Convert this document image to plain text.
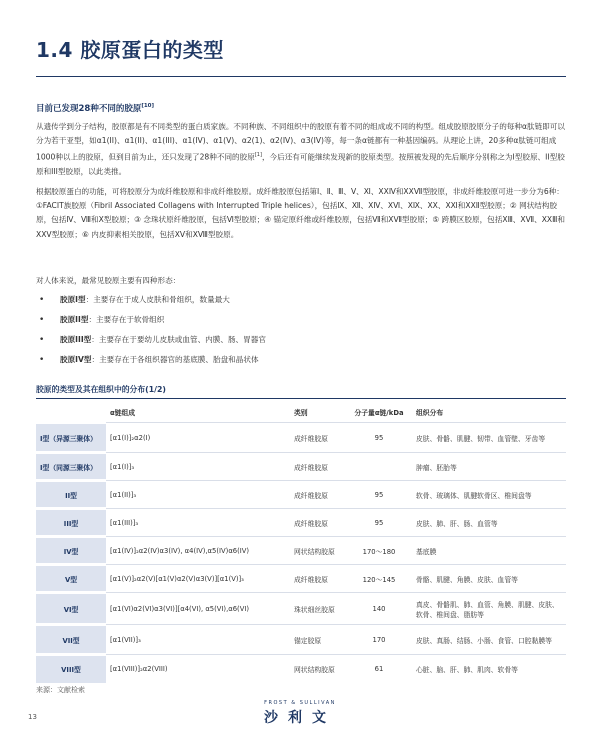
1.4 胶原蛋白的类型
目前已发现28种不同的胶原[10]
从遗传学到分子结构，胶原都是有不同类型的蛋白质家族。不同种族、不同组织中的胶原有着不同的组成或不同的构型。组成胶原胶原分子的每种α肽链即可以分为若干亚型，如α1(II)、α1(II)、α1(III)、α1(IV)、α1(V)、α2(1)、α2(IV)、α3(IV)等，每一条α链都有一种基因编码。从理论上讲，20多种α肽链可组成1000种以上的胶原，但到目前为止，还只发现了28种不同的胶原[1]，今后还有可能继续发现新的胶原类型。按照被发现的先后顺序分别称之为I型胶原、II型胶原和III型胶原，以此类推。
根据胶原蛋白的功能，可将胶原分为成纤维胶原和非成纤维胶原。成纤维胶原包括第Ⅰ、Ⅱ、Ⅲ、Ⅴ、Ⅺ、ⅩⅩⅣ和ⅩⅩⅦ型胶原，非成纤维胶原可进一步分为6种：①FACIT族胶原（Fibril Associated Collagens with Interrupted Triple helices），包括Ⅸ、Ⅻ、ⅩⅣ、ⅩⅥ、ⅩⅨ、ⅩⅩ、ⅩⅪ和ⅩⅩⅡ型胶原；② 网状结构胶原，包括Ⅳ、Ⅷ和Ⅹ型胶原；③ 念珠状原纤维胶原，包括Ⅵ型胶原；④ 锚定原纤维或纤维胶原，包括Ⅶ和ⅩⅦ型胶原；⑤ 跨膜区胶原，包括ⅩⅢ、ⅩⅦ、ⅩⅩⅢ和ⅩⅩⅤ型胶原；⑥ 内皮抑素相关胶原，包括ⅩⅤ和ⅩⅧ型胶原。
对人体来说，最常见胶原主要有四种形态：
• 胶原I型：主要存在于成人皮肤和骨组织，数量最大
• 胶原II型：主要存在于软骨组织
• 胶原III型：主要存在于要幼儿皮肤或血管、内膜、肠、胃器官
• 胶原IV型：主要存在于各组织器官的基底膜、胎盘和晶状体
胶原的类型及其在组织中的分布(1/2)
	α链组成	类别	分子量α链/kDa	组织分布
I型（异源三聚体）	[α1(I)]₂α2(I)	成纤维胶原	95	皮肤、骨骼、肌腱、韧带、血管壁、牙齿等
I型（同源三聚体）	[α1(I)]₃	成纤维胶原		肿瘤、胚胎等
II型	[α1(II)]₃	成纤维胶原	95	软骨、玻璃体、肌腱软骨区、椎间盘等
III型	[α1(III)]₃	成纤维胶原	95	皮肤、肺、肝、肠、血管等
IV型	[α1(IV)]₂α2(IV)α3(IV), α4(IV),α5(IV)α6(IV)	网状结构胶原	170～180	基底膜
V型	[α1(V)]₂α2(V)[α1(V)α2(V)α3(V)][α1(V)]₃	成纤维胶原	120～145	骨骼、肌腱、角膜、皮肤、血管等
VI型	[α1(VI)α2(VI)α3(VI)][α4(VI), α5(VI),α6(VI)	珠状细丝胶原	140	真皮、骨骼肌、肺、血管、角膜、肌腱、皮肤、软骨、椎间盘、脂肪等
VII型	[α1(VII)]₃	锚定胶原	170	皮肤、真肠、结肠、小肠、食管、口腔黏膜等
VIII型	[α1(VIII)]₂α2(VIII)	网状结构胶原	61	心脏、脑、肝、肺、肌肉、软骨等
来源：文献检索
13
FROST & SULLIVAN
沙利文
